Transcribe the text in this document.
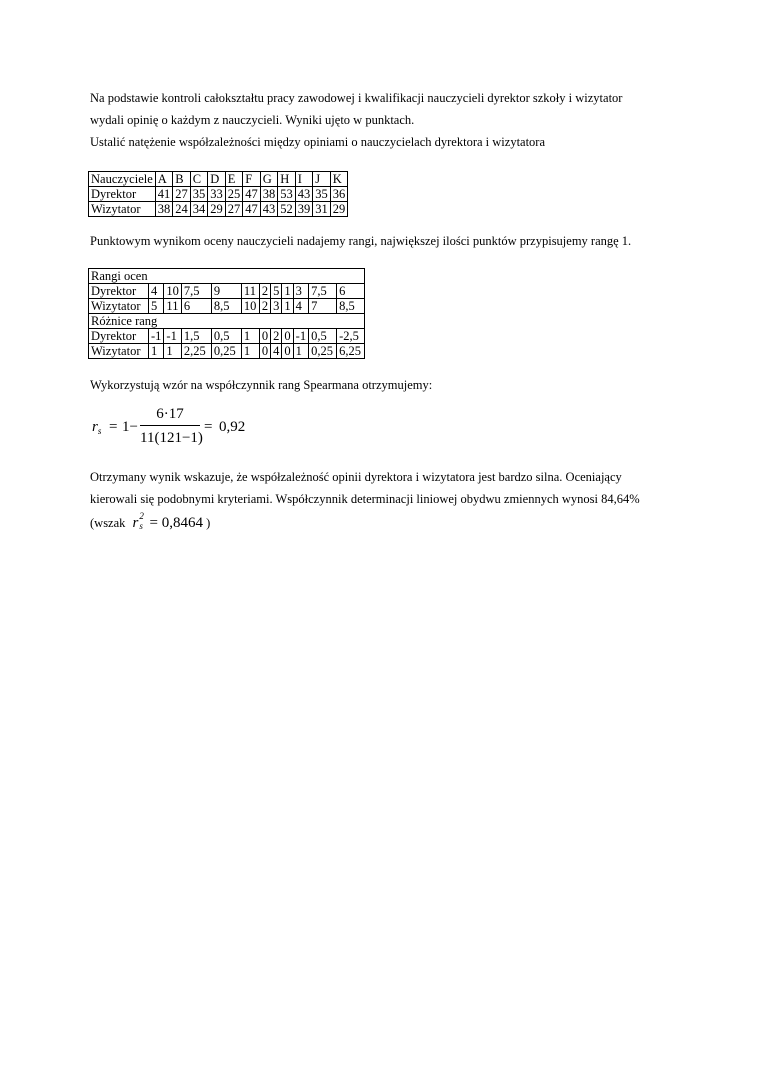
Na podstawie kontroli całokształtu pracy zawodowej i kwalifikacji nauczycieli dyrektor szkoły i wizytator
wydali opinię o każdym z nauczycieli. Wyniki ujęto w punktach.
Ustalić natężenie współzależności między opiniami o nauczycielach dyrektora i wizytatora
Nauczyciele	A	B	C	D	E	F	G	H	I	J	K
Dyrektor	41	27	35	33	25	47	38	53	43	35	36
Wizytator	38	24	34	29	27	47	43	52	39	31	29
Punktowym wynikom oceny nauczycieli nadajemy rangi, największej ilości punktów przypisujemy rangę 1.
Rangi ocen											
Dyrektor	4	10	7,5	9	11	2	5	1	3	7,5	6
Wizytator	5	11	6	8,5	10	2	3	1	4	7	8,5
Różnice rang											
Dyrektor	-1	-1	1,5	0,5	1	0	2	0	-1	0,5	-2,5
Wizytator	1	1	2,25	0,25	1	0	4	0	1	0,25	6,25
Wykorzystują wzór na współczynnik rang Spearmana otrzymujemy:
$r_s = 1-$
6·17
11(121−1)
= 0,92
Otrzymany wynik wskazuje, że współzależność opinii dyrektora i wizytatora jest bardzo silna. Oceniający
kierowali się podobnymi kryteriami. Współczynnik determinacji liniowej obydwu zmiennych wynosi 84,64%
(wszak r 2
s = 0,8464 )
